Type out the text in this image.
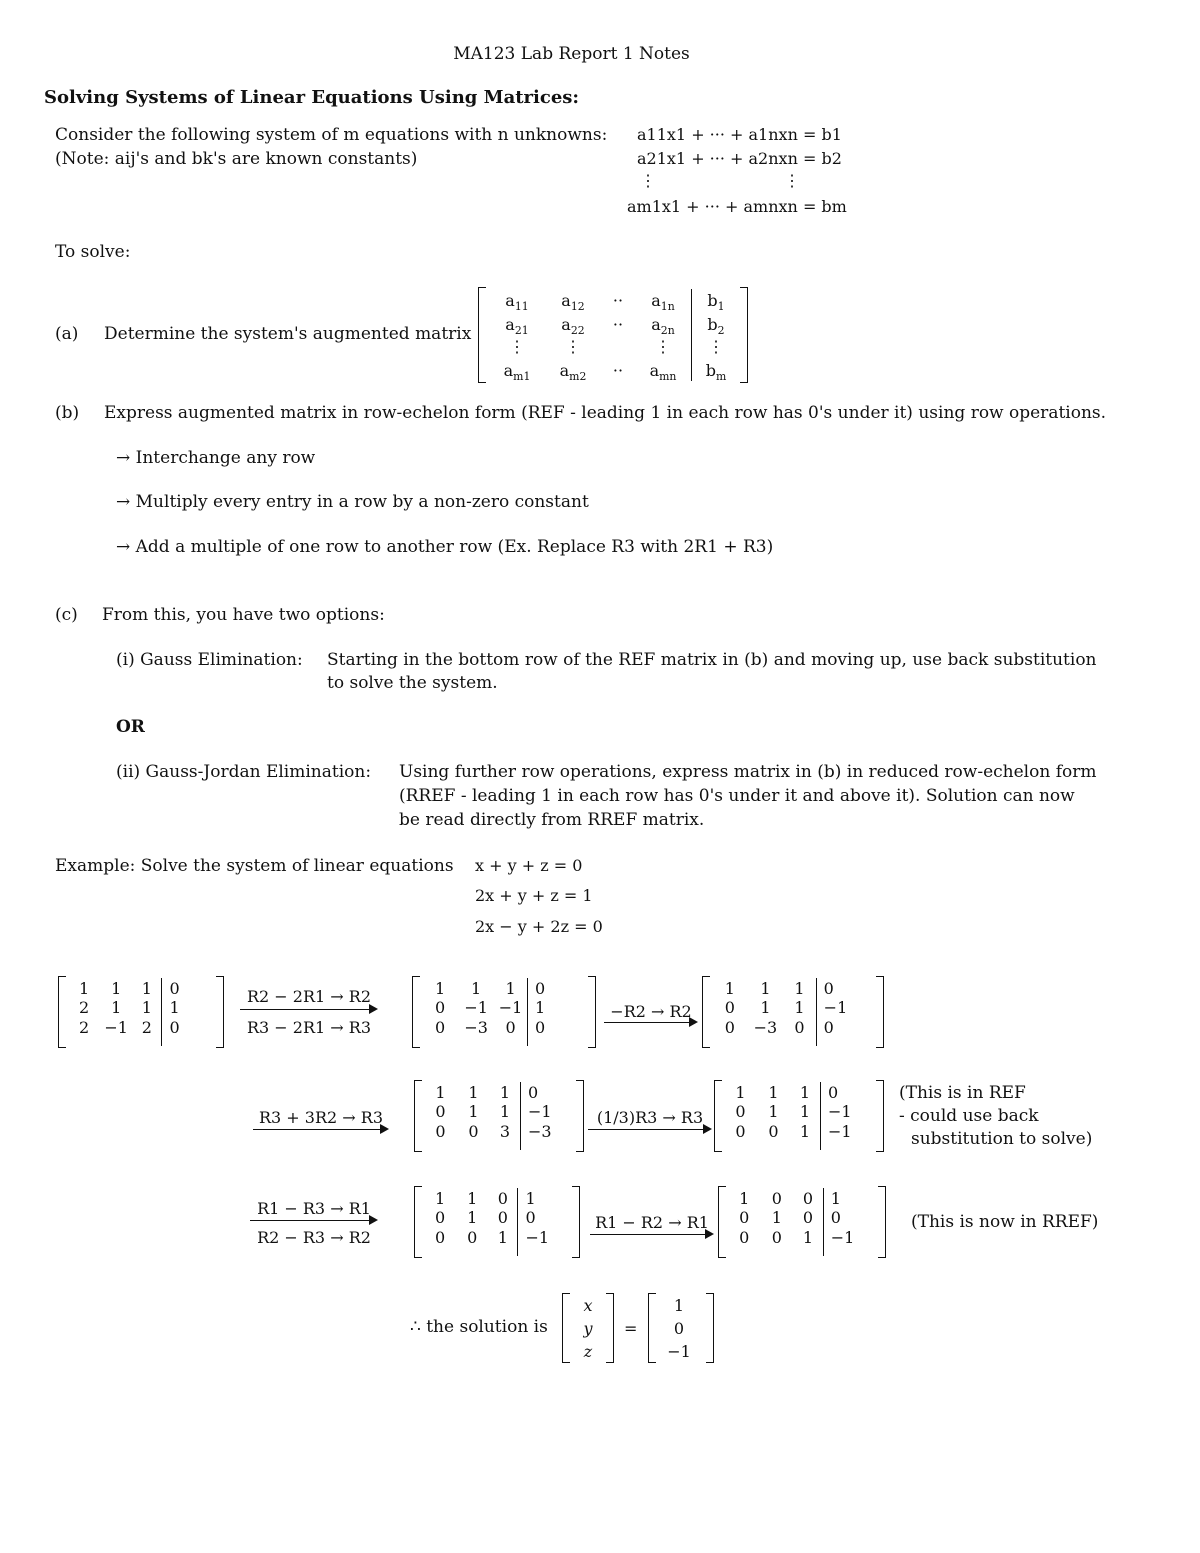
MA123 Lab Report 1 Notes
Solving Systems of Linear Equations Using Matrices:
Consider the following system of m equations with n unknowns:
(Note: aij's and bk's are known constants)
a11x1 + ··· + a1nxn = b1
a21x1 + ··· + a2nxn = b2
⋮	⋮
am1x1 + ··· + amnxn = bm
To solve:
(a) Determine the system's augmented matrix
$a_{11}$	$a_{12}$	··	$a_{1n}$	$b_1$
$a_{21}$	$a_{22}$	··	$a_{2n}$	$b_2$
⋮	⋮	⋮	⋮
$a_{m1}$	$a_{m2}$	··	$a_{mn}$	$b_m$
(b) Express augmented matrix in row-echelon form (REF - leading 1 in each row has 0's under it) using row operations.
→ Interchange any row
→ Multiply every entry in a row by a non-zero constant
→ Add a multiple of one row to another row (Ex. Replace R3 with 2R1 + R3)
(c) From this, you have two options:
(i) Gauss Elimination: Starting in the bottom row of the REF matrix in (b) and moving up, use back substitution
to solve the system.
OR
(ii) Gauss-Jordan Elimination: Using further row operations, express matrix in (b) in reduced row-echelon form
(RREF - leading 1 in each row has 0's under it and above it). Solution can now
be read directly from RREF matrix.
Example: Solve the system of linear equations x + y + z = 0
2x + y + z = 1
2x − y + 2z = 0
1	1	1	0
2	1	1	1
2 −1 2	0
1	1	1	0
0	−1 −1 1
0	−3	0	0
1	1	1	0
0	1	1	−1
0	−3	0	0
1	1	1	0
0	1	1	−1
0	0	3	−3
1	1	1	0
0	1	1	−1
0	0	1	−1
1	1	0	1
0	1	0	0
0	0	1	−1
1	0	0	1
0	1	0	0
0	0	1	−1
R2 − 2R1 → R2
R3 − 2R1 → R3
−R2 → R2
R3 + 3R2 → R3	(1/3)R3 → R3
R1 − R3 → R1
R2 − R3 → R2
R1 − R2 → R1
(This is in REF
- could use back
substitution to solve)
(This is now in RREF)
∴ the solution is
x
y
z
=
1
0
−1
